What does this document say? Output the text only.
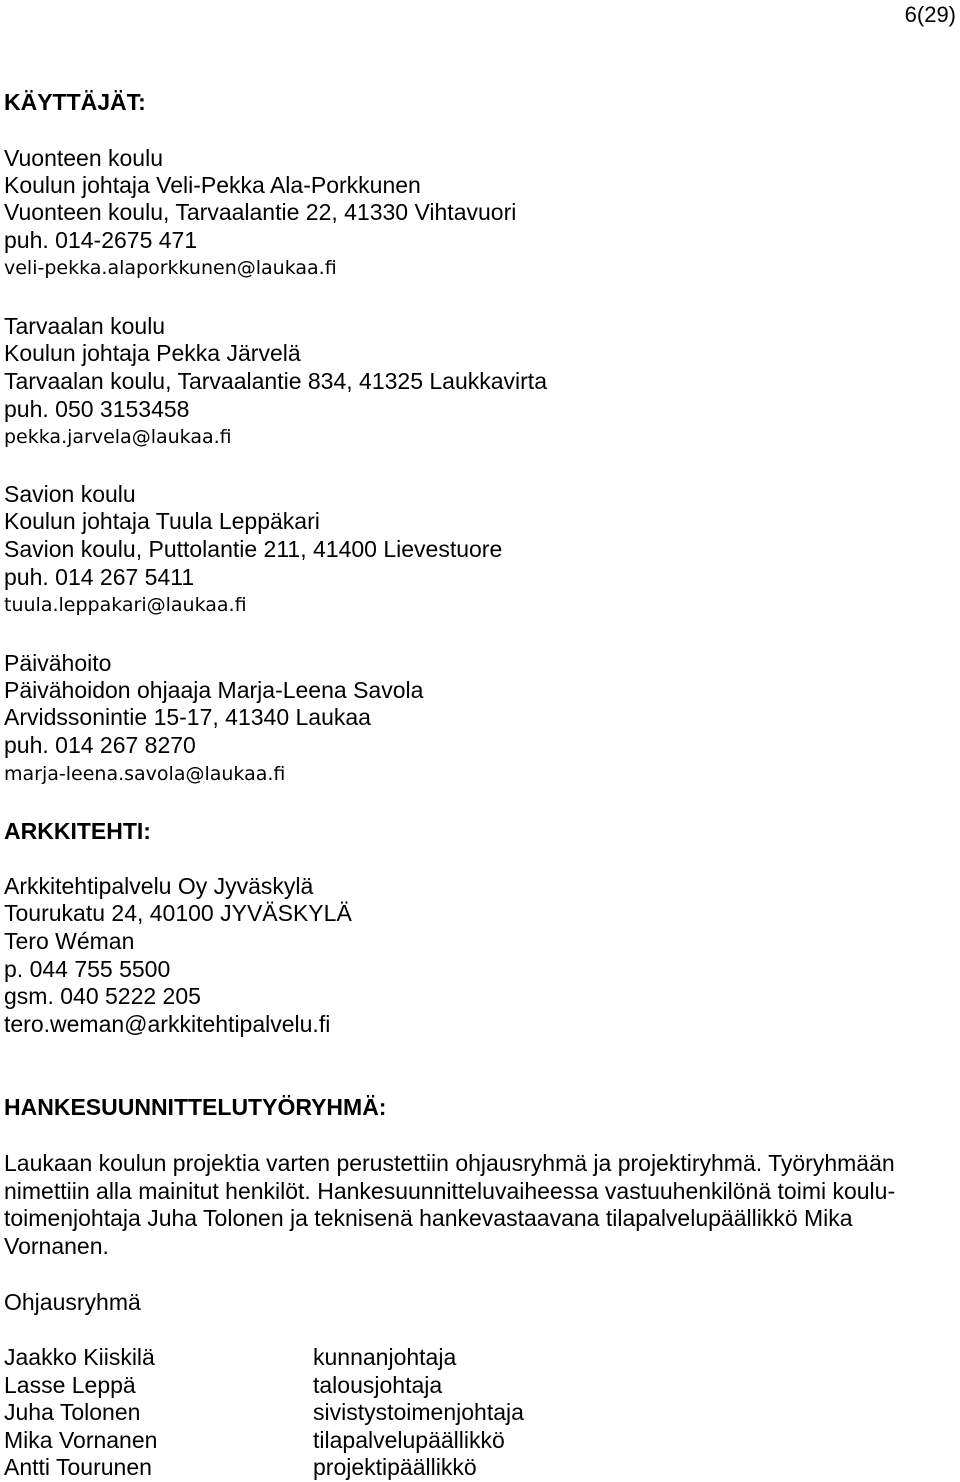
6(29)
KÄYTTÄJÄT:
Vuonteen koulu
Koulun johtaja Veli-Pekka Ala-Porkkunen
Vuonteen koulu, Tarvaalantie 22, 41330 Vihtavuori
puh. 014-2675 471
veli-pekka.alaporkkunen@laukaa.fi
Tarvaalan koulu
Koulun johtaja Pekka Järvelä
Tarvaalan koulu, Tarvaalantie 834, 41325 Laukkavirta
puh. 050 3153458
pekka.jarvela@laukaa.fi
Savion koulu
Koulun johtaja Tuula Leppäkari
Savion koulu, Puttolantie 211, 41400 Lievestuore
puh. 014 267 5411
tuula.leppakari@laukaa.fi
Päivähoito
Päivähoidon ohjaaja Marja-Leena Savola
Arvidssonintie 15-17, 41340 Laukaa
puh. 014 267 8270
marja-leena.savola@laukaa.fi
ARKKITEHTI:
Arkkitehtipalvelu Oy Jyväskylä
Tourukatu 24, 40100 JYVÄSKYLÄ
Tero Wéman
p. 044 755 5500
gsm. 040 5222 205
tero.weman@arkkitehtipalvelu.fi
HANKESUUNNITTELUTYÖRYHMÄ:
Laukaan koulun projektia varten perustettiin ohjausryhmä ja projektiryhmä. Työryhmään
nimettiin alla mainitut henkilöt. Hankesuunnitteluvaiheessa vastuuhenkilönä toimi koulu-
toimenjohtaja Juha Tolonen ja teknisenä hankevastaavana tilapalvelupäällikkö Mika
Vornanen.
Ohjausryhmä
Jaakko Kiiskilä	kunnanjohtaja
Lasse Leppä	talousjohtaja
Juha Tolonen	sivistystoimenjohtaja
Mika Vornanen	tilapalvelupäällikkö
Antti Tourunen	projektipäällikkö
